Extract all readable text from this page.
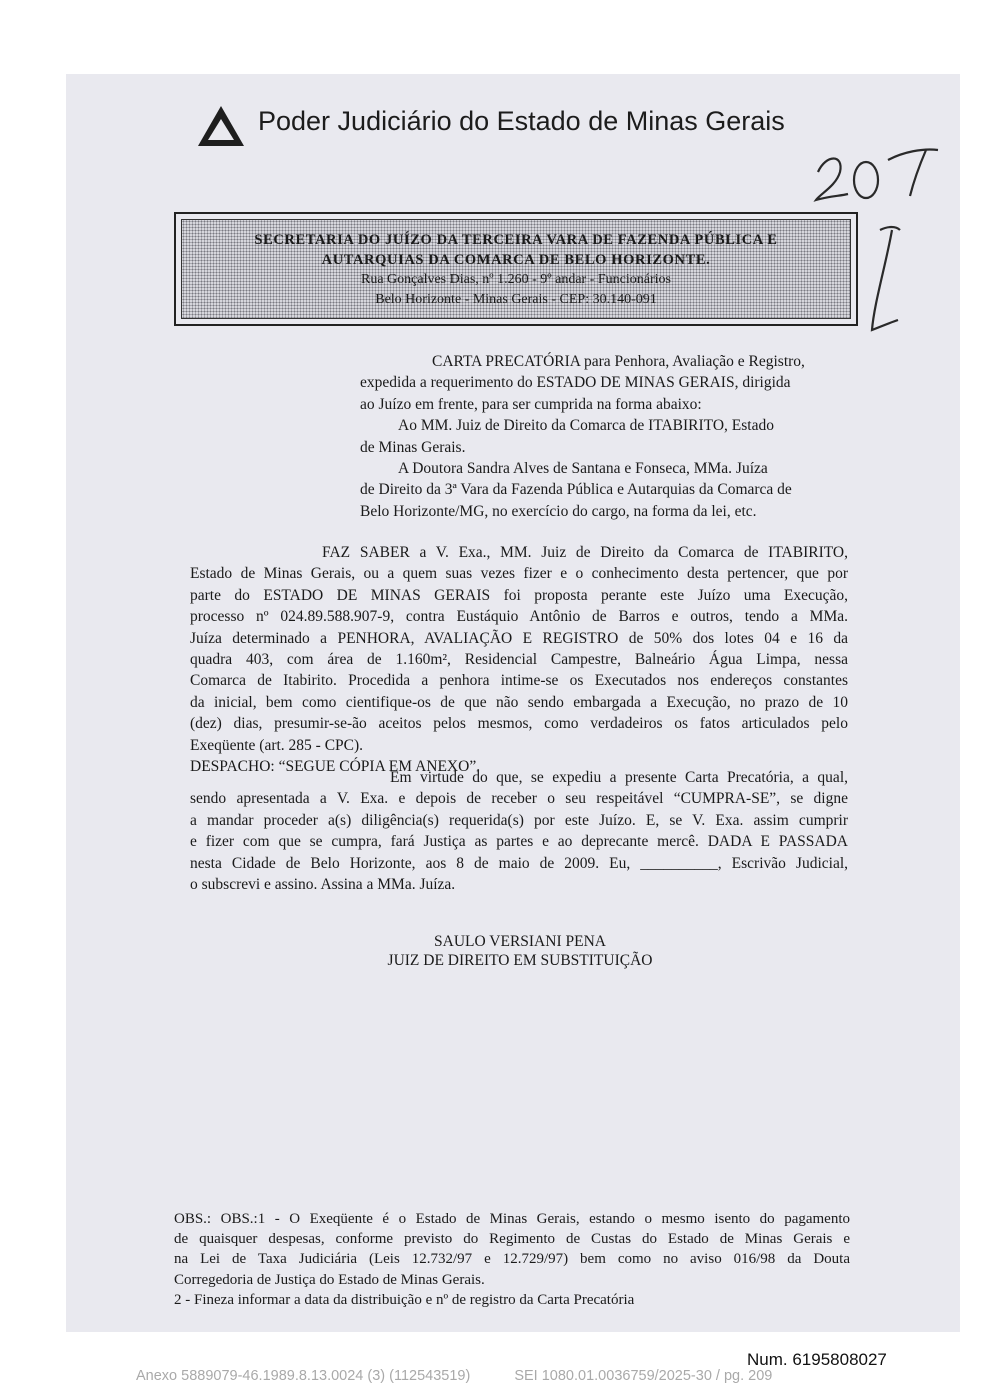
Poder Judiciário do Estado de Minas Gerais
SECRETARIA DO JUÍZO DA TERCEIRA VARA DE FAZENDA PÚBLICA E
AUTARQUIAS DA COMARCA DE BELO HORIZONTE.
Rua Gonçalves Dias, nº 1.260 - 9º andar - Funcionários
Belo Horizonte - Minas Gerais - CEP: 30.140-091

CARTA PRECATÓRIA para Penhora, Avaliação e Registro,

expedida a requerimento do ESTADO DE MINAS GERAIS, dirigida

ao Juízo em frente, para ser cumprida na forma abaixo:

Ao MM. Juiz de Direito da Comarca de ITABIRITO, Estado

de Minas Gerais.

A Doutora Sandra Alves de Santana e Fonseca, MMa. Juíza

de Direito da 3ª Vara da Fazenda Pública e Autarquias da Comarca de

Belo Horizonte/MG, no exercício do cargo, na forma da lei, etc.

FAZ SABER a V. Exa., MM. Juiz de Direito da Comarca de ITABIRITO,

Estado de Minas Gerais, ou a quem suas vezes fizer e o conhecimento desta pertencer, que por

parte do ESTADO DE MINAS GERAIS foi proposta perante este Juízo uma Execução,

processo nº 024.89.588.907-9, contra Eustáquio Antônio de Barros e outros, tendo a MMa.

Juíza determinado a PENHORA, AVALIAÇÃO E REGISTRO de 50% dos lotes 04 e 16 da

quadra 403, com área de 1.160m², Residencial Campestre, Balneário Água Limpa, nessa

Comarca de Itabirito. Procedida a penhora intime-se os Executados nos endereços constantes

da inicial, bem como cientifique-os de que não sendo embargada a Execução, no prazo de 10

(dez) dias, presumir-se-ão aceitos pelos mesmos, como verdadeiros os fatos articulados pelo

Exeqüente (art. 285 - CPC).

DESPACHO: “SEGUE CÓPIA EM ANEXO”.

Em virtude do que, se expediu a presente Carta Precatória, a qual,

sendo apresentada a V. Exa. e depois de receber o seu respeitável “CUMPRA-SE”, se digne

a mandar proceder a(s) diligência(s) requerida(s) por este Juízo. E, se V. Exa. assim cumprir

e fizer com que se cumpra, fará Justiça as partes e ao deprecante mercê. DADA E PASSADA

nesta Cidade de Belo Horizonte, aos 8 de maio de 2009. Eu, __________, Escrivão Judicial,

o subscrevi e assino. Assina a MMa. Juíza.

SAULO VERSIANI PENA
JUIZ DE DIREITO EM SUBSTITUIÇÃO

OBS.: OBS.:1 - O Exeqüente é o Estado de Minas Gerais, estando o mesmo isento do pagamento

de quaisquer despesas, conforme previsto do Regimento de Custas do Estado de Minas Gerais e

na Lei de Taxa Judiciária (Leis 12.732/97 e 12.729/97) bem como no aviso 016/98 da Douta

Corregedoria de Justiça do Estado de Minas Gerais.

2 - Fineza informar a data da distribuição e nº de registro da Carta Precatória

Num. 6195808027
Anexo 5889079-46.1989.8.13.0024 (3) (112543519)	SEI 1080.01.0036759/2025-30 / pg. 209
